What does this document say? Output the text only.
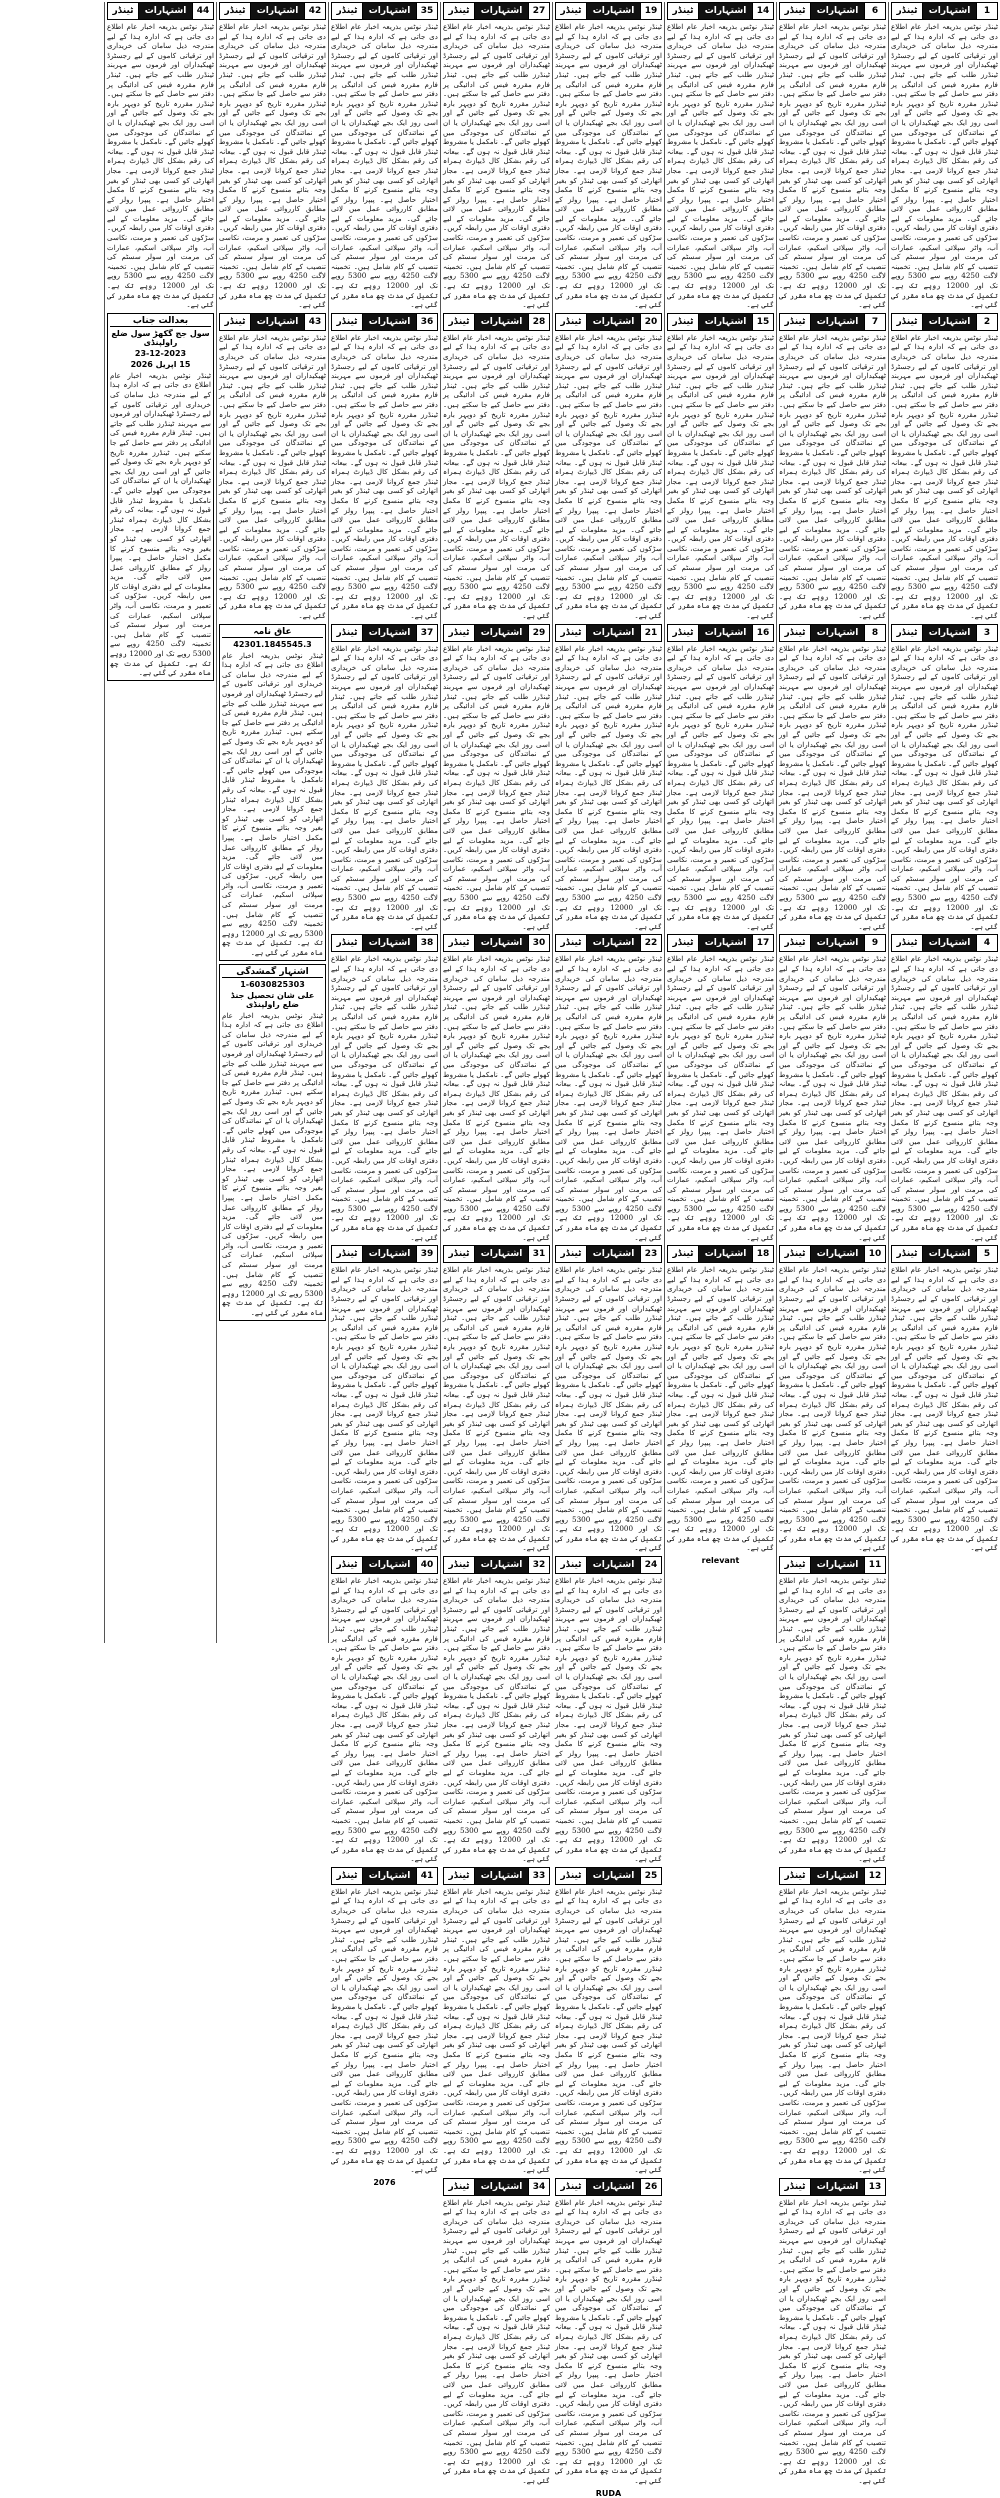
1
اشتہارات
ٹینڈر
ٹینڈر نوٹس بذریعہ اخبار عام اطلاع دی جاتی ہے کہ ادارہ ہذا کے لیے مندرجہ ذیل سامان کی خریداری اور ترقیاتی کاموں کے لیے رجسٹرڈ ٹھیکیداران اور فرموں سے مہربند ٹینڈرز طلب کیے جاتے ہیں۔ ٹینڈر فارم مقررہ فیس کی ادائیگی پر دفتر سے حاصل کیے جا سکتے ہیں۔ ٹینڈرز مقررہ تاریخ کو دوپہر بارہ بجے تک وصول کیے جائیں گے اور اسی روز ایک بجے ٹھیکیداران یا ان کے نمائندگان کی موجودگی میں کھولے جائیں گے۔ نامکمل یا مشروط ٹینڈر قابل قبول نہ ہوں گے۔ بیعانہ کی رقم بشکل کال ڈیپازٹ ہمراہ ٹینڈر جمع کروانا لازمی ہے۔ مجاز اتھارٹی کو کسی بھی ٹینڈر کو بغیر وجہ بتائے منسوخ کرنے کا مکمل اختیار حاصل ہے۔ پیپرا رولز کے مطابق کارروائی عمل میں لائی جائے گی۔ مزید معلومات کے لیے دفتری اوقات کار میں رابطہ کریں۔ سڑکوں کی تعمیر و مرمت، نکاسی آب، واٹر سپلائی اسکیم، عمارات کی مرمت اور سولر سسٹم کی تنصیب کے کام شامل ہیں۔ تخمینہ لاگت 4250 روپے سے 5300 روپے تک اور 12000 روپے تک ہے۔ تکمیل کی مدت چھ ماہ مقرر کی گئی ہے۔
2
اشتہارات
ٹینڈر
ٹینڈر نوٹس بذریعہ اخبار عام اطلاع دی جاتی ہے کہ ادارہ ہذا کے لیے مندرجہ ذیل سامان کی خریداری اور ترقیاتی کاموں کے لیے رجسٹرڈ ٹھیکیداران اور فرموں سے مہربند ٹینڈرز طلب کیے جاتے ہیں۔ ٹینڈر فارم مقررہ فیس کی ادائیگی پر دفتر سے حاصل کیے جا سکتے ہیں۔ ٹینڈرز مقررہ تاریخ کو دوپہر بارہ بجے تک وصول کیے جائیں گے اور اسی روز ایک بجے ٹھیکیداران یا ان کے نمائندگان کی موجودگی میں کھولے جائیں گے۔ نامکمل یا مشروط ٹینڈر قابل قبول نہ ہوں گے۔ بیعانہ کی رقم بشکل کال ڈیپازٹ ہمراہ ٹینڈر جمع کروانا لازمی ہے۔ مجاز اتھارٹی کو کسی بھی ٹینڈر کو بغیر وجہ بتائے منسوخ کرنے کا مکمل اختیار حاصل ہے۔ پیپرا رولز کے مطابق کارروائی عمل میں لائی جائے گی۔ مزید معلومات کے لیے دفتری اوقات کار میں رابطہ کریں۔ سڑکوں کی تعمیر و مرمت، نکاسی آب، واٹر سپلائی اسکیم، عمارات کی مرمت اور سولر سسٹم کی تنصیب کے کام شامل ہیں۔ تخمینہ لاگت 4250 روپے سے 5300 روپے تک اور 12000 روپے تک ہے۔ تکمیل کی مدت چھ ماہ مقرر کی گئی ہے۔
3
اشتہارات
ٹینڈر
ٹینڈر نوٹس بذریعہ اخبار عام اطلاع دی جاتی ہے کہ ادارہ ہذا کے لیے مندرجہ ذیل سامان کی خریداری اور ترقیاتی کاموں کے لیے رجسٹرڈ ٹھیکیداران اور فرموں سے مہربند ٹینڈرز طلب کیے جاتے ہیں۔ ٹینڈر فارم مقررہ فیس کی ادائیگی پر دفتر سے حاصل کیے جا سکتے ہیں۔ ٹینڈرز مقررہ تاریخ کو دوپہر بارہ بجے تک وصول کیے جائیں گے اور اسی روز ایک بجے ٹھیکیداران یا ان کے نمائندگان کی موجودگی میں کھولے جائیں گے۔ نامکمل یا مشروط ٹینڈر قابل قبول نہ ہوں گے۔ بیعانہ کی رقم بشکل کال ڈیپازٹ ہمراہ ٹینڈر جمع کروانا لازمی ہے۔ مجاز اتھارٹی کو کسی بھی ٹینڈر کو بغیر وجہ بتائے منسوخ کرنے کا مکمل اختیار حاصل ہے۔ پیپرا رولز کے مطابق کارروائی عمل میں لائی جائے گی۔ مزید معلومات کے لیے دفتری اوقات کار میں رابطہ کریں۔ سڑکوں کی تعمیر و مرمت، نکاسی آب، واٹر سپلائی اسکیم، عمارات کی مرمت اور سولر سسٹم کی تنصیب کے کام شامل ہیں۔ تخمینہ لاگت 4250 روپے سے 5300 روپے تک اور 12000 روپے تک ہے۔ تکمیل کی مدت چھ ماہ مقرر کی گئی ہے۔
4
اشتہارات
ٹینڈر
ٹینڈر نوٹس بذریعہ اخبار عام اطلاع دی جاتی ہے کہ ادارہ ہذا کے لیے مندرجہ ذیل سامان کی خریداری اور ترقیاتی کاموں کے لیے رجسٹرڈ ٹھیکیداران اور فرموں سے مہربند ٹینڈرز طلب کیے جاتے ہیں۔ ٹینڈر فارم مقررہ فیس کی ادائیگی پر دفتر سے حاصل کیے جا سکتے ہیں۔ ٹینڈرز مقررہ تاریخ کو دوپہر بارہ بجے تک وصول کیے جائیں گے اور اسی روز ایک بجے ٹھیکیداران یا ان کے نمائندگان کی موجودگی میں کھولے جائیں گے۔ نامکمل یا مشروط ٹینڈر قابل قبول نہ ہوں گے۔ بیعانہ کی رقم بشکل کال ڈیپازٹ ہمراہ ٹینڈر جمع کروانا لازمی ہے۔ مجاز اتھارٹی کو کسی بھی ٹینڈر کو بغیر وجہ بتائے منسوخ کرنے کا مکمل اختیار حاصل ہے۔ پیپرا رولز کے مطابق کارروائی عمل میں لائی جائے گی۔ مزید معلومات کے لیے دفتری اوقات کار میں رابطہ کریں۔ سڑکوں کی تعمیر و مرمت، نکاسی آب، واٹر سپلائی اسکیم، عمارات کی مرمت اور سولر سسٹم کی تنصیب کے کام شامل ہیں۔ تخمینہ لاگت 4250 روپے سے 5300 روپے تک اور 12000 روپے تک ہے۔ تکمیل کی مدت چھ ماہ مقرر کی گئی ہے۔
5
اشتہارات
ٹینڈر
ٹینڈر نوٹس بذریعہ اخبار عام اطلاع دی جاتی ہے کہ ادارہ ہذا کے لیے مندرجہ ذیل سامان کی خریداری اور ترقیاتی کاموں کے لیے رجسٹرڈ ٹھیکیداران اور فرموں سے مہربند ٹینڈرز طلب کیے جاتے ہیں۔ ٹینڈر فارم مقررہ فیس کی ادائیگی پر دفتر سے حاصل کیے جا سکتے ہیں۔ ٹینڈرز مقررہ تاریخ کو دوپہر بارہ بجے تک وصول کیے جائیں گے اور اسی روز ایک بجے ٹھیکیداران یا ان کے نمائندگان کی موجودگی میں کھولے جائیں گے۔ نامکمل یا مشروط ٹینڈر قابل قبول نہ ہوں گے۔ بیعانہ کی رقم بشکل کال ڈیپازٹ ہمراہ ٹینڈر جمع کروانا لازمی ہے۔ مجاز اتھارٹی کو کسی بھی ٹینڈر کو بغیر وجہ بتائے منسوخ کرنے کا مکمل اختیار حاصل ہے۔ پیپرا رولز کے مطابق کارروائی عمل میں لائی جائے گی۔ مزید معلومات کے لیے دفتری اوقات کار میں رابطہ کریں۔ سڑکوں کی تعمیر و مرمت، نکاسی آب، واٹر سپلائی اسکیم، عمارات کی مرمت اور سولر سسٹم کی تنصیب کے کام شامل ہیں۔ تخمینہ لاگت 4250 روپے سے 5300 روپے تک اور 12000 روپے تک ہے۔ تکمیل کی مدت چھ ماہ مقرر کی گئی ہے۔
6
اشتہارات
ٹینڈر
ٹینڈر نوٹس بذریعہ اخبار عام اطلاع دی جاتی ہے کہ ادارہ ہذا کے لیے مندرجہ ذیل سامان کی خریداری اور ترقیاتی کاموں کے لیے رجسٹرڈ ٹھیکیداران اور فرموں سے مہربند ٹینڈرز طلب کیے جاتے ہیں۔ ٹینڈر فارم مقررہ فیس کی ادائیگی پر دفتر سے حاصل کیے جا سکتے ہیں۔ ٹینڈرز مقررہ تاریخ کو دوپہر بارہ بجے تک وصول کیے جائیں گے اور اسی روز ایک بجے ٹھیکیداران یا ان کے نمائندگان کی موجودگی میں کھولے جائیں گے۔ نامکمل یا مشروط ٹینڈر قابل قبول نہ ہوں گے۔ بیعانہ کی رقم بشکل کال ڈیپازٹ ہمراہ ٹینڈر جمع کروانا لازمی ہے۔ مجاز اتھارٹی کو کسی بھی ٹینڈر کو بغیر وجہ بتائے منسوخ کرنے کا مکمل اختیار حاصل ہے۔ پیپرا رولز کے مطابق کارروائی عمل میں لائی جائے گی۔ مزید معلومات کے لیے دفتری اوقات کار میں رابطہ کریں۔ سڑکوں کی تعمیر و مرمت، نکاسی آب، واٹر سپلائی اسکیم، عمارات کی مرمت اور سولر سسٹم کی تنصیب کے کام شامل ہیں۔ تخمینہ لاگت 4250 روپے سے 5300 روپے تک اور 12000 روپے تک ہے۔ تکمیل کی مدت چھ ماہ مقرر کی گئی ہے۔
7
اشتہارات
ٹینڈر
ٹینڈر نوٹس بذریعہ اخبار عام اطلاع دی جاتی ہے کہ ادارہ ہذا کے لیے مندرجہ ذیل سامان کی خریداری اور ترقیاتی کاموں کے لیے رجسٹرڈ ٹھیکیداران اور فرموں سے مہربند ٹینڈرز طلب کیے جاتے ہیں۔ ٹینڈر فارم مقررہ فیس کی ادائیگی پر دفتر سے حاصل کیے جا سکتے ہیں۔ ٹینڈرز مقررہ تاریخ کو دوپہر بارہ بجے تک وصول کیے جائیں گے اور اسی روز ایک بجے ٹھیکیداران یا ان کے نمائندگان کی موجودگی میں کھولے جائیں گے۔ نامکمل یا مشروط ٹینڈر قابل قبول نہ ہوں گے۔ بیعانہ کی رقم بشکل کال ڈیپازٹ ہمراہ ٹینڈر جمع کروانا لازمی ہے۔ مجاز اتھارٹی کو کسی بھی ٹینڈر کو بغیر وجہ بتائے منسوخ کرنے کا مکمل اختیار حاصل ہے۔ پیپرا رولز کے مطابق کارروائی عمل میں لائی جائے گی۔ مزید معلومات کے لیے دفتری اوقات کار میں رابطہ کریں۔ سڑکوں کی تعمیر و مرمت، نکاسی آب، واٹر سپلائی اسکیم، عمارات کی مرمت اور سولر سسٹم کی تنصیب کے کام شامل ہیں۔ تخمینہ لاگت 4250 روپے سے 5300 روپے تک اور 12000 روپے تک ہے۔ تکمیل کی مدت چھ ماہ مقرر کی گئی ہے۔
8
اشتہارات
ٹینڈر
ٹینڈر نوٹس بذریعہ اخبار عام اطلاع دی جاتی ہے کہ ادارہ ہذا کے لیے مندرجہ ذیل سامان کی خریداری اور ترقیاتی کاموں کے لیے رجسٹرڈ ٹھیکیداران اور فرموں سے مہربند ٹینڈرز طلب کیے جاتے ہیں۔ ٹینڈر فارم مقررہ فیس کی ادائیگی پر دفتر سے حاصل کیے جا سکتے ہیں۔ ٹینڈرز مقررہ تاریخ کو دوپہر بارہ بجے تک وصول کیے جائیں گے اور اسی روز ایک بجے ٹھیکیداران یا ان کے نمائندگان کی موجودگی میں کھولے جائیں گے۔ نامکمل یا مشروط ٹینڈر قابل قبول نہ ہوں گے۔ بیعانہ کی رقم بشکل کال ڈیپازٹ ہمراہ ٹینڈر جمع کروانا لازمی ہے۔ مجاز اتھارٹی کو کسی بھی ٹینڈر کو بغیر وجہ بتائے منسوخ کرنے کا مکمل اختیار حاصل ہے۔ پیپرا رولز کے مطابق کارروائی عمل میں لائی جائے گی۔ مزید معلومات کے لیے دفتری اوقات کار میں رابطہ کریں۔ سڑکوں کی تعمیر و مرمت، نکاسی آب، واٹر سپلائی اسکیم، عمارات کی مرمت اور سولر سسٹم کی تنصیب کے کام شامل ہیں۔ تخمینہ لاگت 4250 روپے سے 5300 روپے تک اور 12000 روپے تک ہے۔ تکمیل کی مدت چھ ماہ مقرر کی گئی ہے۔
9
اشتہارات
ٹینڈر
ٹینڈر نوٹس بذریعہ اخبار عام اطلاع دی جاتی ہے کہ ادارہ ہذا کے لیے مندرجہ ذیل سامان کی خریداری اور ترقیاتی کاموں کے لیے رجسٹرڈ ٹھیکیداران اور فرموں سے مہربند ٹینڈرز طلب کیے جاتے ہیں۔ ٹینڈر فارم مقررہ فیس کی ادائیگی پر دفتر سے حاصل کیے جا سکتے ہیں۔ ٹینڈرز مقررہ تاریخ کو دوپہر بارہ بجے تک وصول کیے جائیں گے اور اسی روز ایک بجے ٹھیکیداران یا ان کے نمائندگان کی موجودگی میں کھولے جائیں گے۔ نامکمل یا مشروط ٹینڈر قابل قبول نہ ہوں گے۔ بیعانہ کی رقم بشکل کال ڈیپازٹ ہمراہ ٹینڈر جمع کروانا لازمی ہے۔ مجاز اتھارٹی کو کسی بھی ٹینڈر کو بغیر وجہ بتائے منسوخ کرنے کا مکمل اختیار حاصل ہے۔ پیپرا رولز کے مطابق کارروائی عمل میں لائی جائے گی۔ مزید معلومات کے لیے دفتری اوقات کار میں رابطہ کریں۔ سڑکوں کی تعمیر و مرمت، نکاسی آب، واٹر سپلائی اسکیم، عمارات کی مرمت اور سولر سسٹم کی تنصیب کے کام شامل ہیں۔ تخمینہ لاگت 4250 روپے سے 5300 روپے تک اور 12000 روپے تک ہے۔ تکمیل کی مدت چھ ماہ مقرر کی گئی ہے۔
10
اشتہارات
ٹینڈر
ٹینڈر نوٹس بذریعہ اخبار عام اطلاع دی جاتی ہے کہ ادارہ ہذا کے لیے مندرجہ ذیل سامان کی خریداری اور ترقیاتی کاموں کے لیے رجسٹرڈ ٹھیکیداران اور فرموں سے مہربند ٹینڈرز طلب کیے جاتے ہیں۔ ٹینڈر فارم مقررہ فیس کی ادائیگی پر دفتر سے حاصل کیے جا سکتے ہیں۔ ٹینڈرز مقررہ تاریخ کو دوپہر بارہ بجے تک وصول کیے جائیں گے اور اسی روز ایک بجے ٹھیکیداران یا ان کے نمائندگان کی موجودگی میں کھولے جائیں گے۔ نامکمل یا مشروط ٹینڈر قابل قبول نہ ہوں گے۔ بیعانہ کی رقم بشکل کال ڈیپازٹ ہمراہ ٹینڈر جمع کروانا لازمی ہے۔ مجاز اتھارٹی کو کسی بھی ٹینڈر کو بغیر وجہ بتائے منسوخ کرنے کا مکمل اختیار حاصل ہے۔ پیپرا رولز کے مطابق کارروائی عمل میں لائی جائے گی۔ مزید معلومات کے لیے دفتری اوقات کار میں رابطہ کریں۔ سڑکوں کی تعمیر و مرمت، نکاسی آب، واٹر سپلائی اسکیم، عمارات کی مرمت اور سولر سسٹم کی تنصیب کے کام شامل ہیں۔ تخمینہ لاگت 4250 روپے سے 5300 روپے تک اور 12000 روپے تک ہے۔ تکمیل کی مدت چھ ماہ مقرر کی گئی ہے۔
11
اشتہارات
ٹینڈر
ٹینڈر نوٹس بذریعہ اخبار عام اطلاع دی جاتی ہے کہ ادارہ ہذا کے لیے مندرجہ ذیل سامان کی خریداری اور ترقیاتی کاموں کے لیے رجسٹرڈ ٹھیکیداران اور فرموں سے مہربند ٹینڈرز طلب کیے جاتے ہیں۔ ٹینڈر فارم مقررہ فیس کی ادائیگی پر دفتر سے حاصل کیے جا سکتے ہیں۔ ٹینڈرز مقررہ تاریخ کو دوپہر بارہ بجے تک وصول کیے جائیں گے اور اسی روز ایک بجے ٹھیکیداران یا ان کے نمائندگان کی موجودگی میں کھولے جائیں گے۔ نامکمل یا مشروط ٹینڈر قابل قبول نہ ہوں گے۔ بیعانہ کی رقم بشکل کال ڈیپازٹ ہمراہ ٹینڈر جمع کروانا لازمی ہے۔ مجاز اتھارٹی کو کسی بھی ٹینڈر کو بغیر وجہ بتائے منسوخ کرنے کا مکمل اختیار حاصل ہے۔ پیپرا رولز کے مطابق کارروائی عمل میں لائی جائے گی۔ مزید معلومات کے لیے دفتری اوقات کار میں رابطہ کریں۔ سڑکوں کی تعمیر و مرمت، نکاسی آب، واٹر سپلائی اسکیم، عمارات کی مرمت اور سولر سسٹم کی تنصیب کے کام شامل ہیں۔ تخمینہ لاگت 4250 روپے سے 5300 روپے تک اور 12000 روپے تک ہے۔ تکمیل کی مدت چھ ماہ مقرر کی گئی ہے۔
12
اشتہارات
ٹینڈر
ٹینڈر نوٹس بذریعہ اخبار عام اطلاع دی جاتی ہے کہ ادارہ ہذا کے لیے مندرجہ ذیل سامان کی خریداری اور ترقیاتی کاموں کے لیے رجسٹرڈ ٹھیکیداران اور فرموں سے مہربند ٹینڈرز طلب کیے جاتے ہیں۔ ٹینڈر فارم مقررہ فیس کی ادائیگی پر دفتر سے حاصل کیے جا سکتے ہیں۔ ٹینڈرز مقررہ تاریخ کو دوپہر بارہ بجے تک وصول کیے جائیں گے اور اسی روز ایک بجے ٹھیکیداران یا ان کے نمائندگان کی موجودگی میں کھولے جائیں گے۔ نامکمل یا مشروط ٹینڈر قابل قبول نہ ہوں گے۔ بیعانہ کی رقم بشکل کال ڈیپازٹ ہمراہ ٹینڈر جمع کروانا لازمی ہے۔ مجاز اتھارٹی کو کسی بھی ٹینڈر کو بغیر وجہ بتائے منسوخ کرنے کا مکمل اختیار حاصل ہے۔ پیپرا رولز کے مطابق کارروائی عمل میں لائی جائے گی۔ مزید معلومات کے لیے دفتری اوقات کار میں رابطہ کریں۔ سڑکوں کی تعمیر و مرمت، نکاسی آب، واٹر سپلائی اسکیم، عمارات کی مرمت اور سولر سسٹم کی تنصیب کے کام شامل ہیں۔ تخمینہ لاگت 4250 روپے سے 5300 روپے تک اور 12000 روپے تک ہے۔ تکمیل کی مدت چھ ماہ مقرر کی گئی ہے۔
13
اشتہارات
ٹینڈر
ٹینڈر نوٹس بذریعہ اخبار عام اطلاع دی جاتی ہے کہ ادارہ ہذا کے لیے مندرجہ ذیل سامان کی خریداری اور ترقیاتی کاموں کے لیے رجسٹرڈ ٹھیکیداران اور فرموں سے مہربند ٹینڈرز طلب کیے جاتے ہیں۔ ٹینڈر فارم مقررہ فیس کی ادائیگی پر دفتر سے حاصل کیے جا سکتے ہیں۔ ٹینڈرز مقررہ تاریخ کو دوپہر بارہ بجے تک وصول کیے جائیں گے اور اسی روز ایک بجے ٹھیکیداران یا ان کے نمائندگان کی موجودگی میں کھولے جائیں گے۔ نامکمل یا مشروط ٹینڈر قابل قبول نہ ہوں گے۔ بیعانہ کی رقم بشکل کال ڈیپازٹ ہمراہ ٹینڈر جمع کروانا لازمی ہے۔ مجاز اتھارٹی کو کسی بھی ٹینڈر کو بغیر وجہ بتائے منسوخ کرنے کا مکمل اختیار حاصل ہے۔ پیپرا رولز کے مطابق کارروائی عمل میں لائی جائے گی۔ مزید معلومات کے لیے دفتری اوقات کار میں رابطہ کریں۔ سڑکوں کی تعمیر و مرمت، نکاسی آب، واٹر سپلائی اسکیم، عمارات کی مرمت اور سولر سسٹم کی تنصیب کے کام شامل ہیں۔ تخمینہ لاگت 4250 روپے سے 5300 روپے تک اور 12000 روپے تک ہے۔ تکمیل کی مدت چھ ماہ مقرر کی گئی ہے۔
14
اشتہارات
ٹینڈر
ٹینڈر نوٹس بذریعہ اخبار عام اطلاع دی جاتی ہے کہ ادارہ ہذا کے لیے مندرجہ ذیل سامان کی خریداری اور ترقیاتی کاموں کے لیے رجسٹرڈ ٹھیکیداران اور فرموں سے مہربند ٹینڈرز طلب کیے جاتے ہیں۔ ٹینڈر فارم مقررہ فیس کی ادائیگی پر دفتر سے حاصل کیے جا سکتے ہیں۔ ٹینڈرز مقررہ تاریخ کو دوپہر بارہ بجے تک وصول کیے جائیں گے اور اسی روز ایک بجے ٹھیکیداران یا ان کے نمائندگان کی موجودگی میں کھولے جائیں گے۔ نامکمل یا مشروط ٹینڈر قابل قبول نہ ہوں گے۔ بیعانہ کی رقم بشکل کال ڈیپازٹ ہمراہ ٹینڈر جمع کروانا لازمی ہے۔ مجاز اتھارٹی کو کسی بھی ٹینڈر کو بغیر وجہ بتائے منسوخ کرنے کا مکمل اختیار حاصل ہے۔ پیپرا رولز کے مطابق کارروائی عمل میں لائی جائے گی۔ مزید معلومات کے لیے دفتری اوقات کار میں رابطہ کریں۔ سڑکوں کی تعمیر و مرمت، نکاسی آب، واٹر سپلائی اسکیم، عمارات کی مرمت اور سولر سسٹم کی تنصیب کے کام شامل ہیں۔ تخمینہ لاگت 4250 روپے سے 5300 روپے تک اور 12000 روپے تک ہے۔ تکمیل کی مدت چھ ماہ مقرر کی گئی ہے۔
15
اشتہارات
ٹینڈر
ٹینڈر نوٹس بذریعہ اخبار عام اطلاع دی جاتی ہے کہ ادارہ ہذا کے لیے مندرجہ ذیل سامان کی خریداری اور ترقیاتی کاموں کے لیے رجسٹرڈ ٹھیکیداران اور فرموں سے مہربند ٹینڈرز طلب کیے جاتے ہیں۔ ٹینڈر فارم مقررہ فیس کی ادائیگی پر دفتر سے حاصل کیے جا سکتے ہیں۔ ٹینڈرز مقررہ تاریخ کو دوپہر بارہ بجے تک وصول کیے جائیں گے اور اسی روز ایک بجے ٹھیکیداران یا ان کے نمائندگان کی موجودگی میں کھولے جائیں گے۔ نامکمل یا مشروط ٹینڈر قابل قبول نہ ہوں گے۔ بیعانہ کی رقم بشکل کال ڈیپازٹ ہمراہ ٹینڈر جمع کروانا لازمی ہے۔ مجاز اتھارٹی کو کسی بھی ٹینڈر کو بغیر وجہ بتائے منسوخ کرنے کا مکمل اختیار حاصل ہے۔ پیپرا رولز کے مطابق کارروائی عمل میں لائی جائے گی۔ مزید معلومات کے لیے دفتری اوقات کار میں رابطہ کریں۔ سڑکوں کی تعمیر و مرمت، نکاسی آب، واٹر سپلائی اسکیم، عمارات کی مرمت اور سولر سسٹم کی تنصیب کے کام شامل ہیں۔ تخمینہ لاگت 4250 روپے سے 5300 روپے تک اور 12000 روپے تک ہے۔ تکمیل کی مدت چھ ماہ مقرر کی گئی ہے۔
16
اشتہارات
ٹینڈر
ٹینڈر نوٹس بذریعہ اخبار عام اطلاع دی جاتی ہے کہ ادارہ ہذا کے لیے مندرجہ ذیل سامان کی خریداری اور ترقیاتی کاموں کے لیے رجسٹرڈ ٹھیکیداران اور فرموں سے مہربند ٹینڈرز طلب کیے جاتے ہیں۔ ٹینڈر فارم مقررہ فیس کی ادائیگی پر دفتر سے حاصل کیے جا سکتے ہیں۔ ٹینڈرز مقررہ تاریخ کو دوپہر بارہ بجے تک وصول کیے جائیں گے اور اسی روز ایک بجے ٹھیکیداران یا ان کے نمائندگان کی موجودگی میں کھولے جائیں گے۔ نامکمل یا مشروط ٹینڈر قابل قبول نہ ہوں گے۔ بیعانہ کی رقم بشکل کال ڈیپازٹ ہمراہ ٹینڈر جمع کروانا لازمی ہے۔ مجاز اتھارٹی کو کسی بھی ٹینڈر کو بغیر وجہ بتائے منسوخ کرنے کا مکمل اختیار حاصل ہے۔ پیپرا رولز کے مطابق کارروائی عمل میں لائی جائے گی۔ مزید معلومات کے لیے دفتری اوقات کار میں رابطہ کریں۔ سڑکوں کی تعمیر و مرمت، نکاسی آب، واٹر سپلائی اسکیم، عمارات کی مرمت اور سولر سسٹم کی تنصیب کے کام شامل ہیں۔ تخمینہ لاگت 4250 روپے سے 5300 روپے تک اور 12000 روپے تک ہے۔ تکمیل کی مدت چھ ماہ مقرر کی گئی ہے۔
17
اشتہارات
ٹینڈر
ٹینڈر نوٹس بذریعہ اخبار عام اطلاع دی جاتی ہے کہ ادارہ ہذا کے لیے مندرجہ ذیل سامان کی خریداری اور ترقیاتی کاموں کے لیے رجسٹرڈ ٹھیکیداران اور فرموں سے مہربند ٹینڈرز طلب کیے جاتے ہیں۔ ٹینڈر فارم مقررہ فیس کی ادائیگی پر دفتر سے حاصل کیے جا سکتے ہیں۔ ٹینڈرز مقررہ تاریخ کو دوپہر بارہ بجے تک وصول کیے جائیں گے اور اسی روز ایک بجے ٹھیکیداران یا ان کے نمائندگان کی موجودگی میں کھولے جائیں گے۔ نامکمل یا مشروط ٹینڈر قابل قبول نہ ہوں گے۔ بیعانہ کی رقم بشکل کال ڈیپازٹ ہمراہ ٹینڈر جمع کروانا لازمی ہے۔ مجاز اتھارٹی کو کسی بھی ٹینڈر کو بغیر وجہ بتائے منسوخ کرنے کا مکمل اختیار حاصل ہے۔ پیپرا رولز کے مطابق کارروائی عمل میں لائی جائے گی۔ مزید معلومات کے لیے دفتری اوقات کار میں رابطہ کریں۔ سڑکوں کی تعمیر و مرمت، نکاسی آب، واٹر سپلائی اسکیم، عمارات کی مرمت اور سولر سسٹم کی تنصیب کے کام شامل ہیں۔ تخمینہ لاگت 4250 روپے سے 5300 روپے تک اور 12000 روپے تک ہے۔ تکمیل کی مدت چھ ماہ مقرر کی گئی ہے۔
18
اشتہارات
ٹینڈر
ٹینڈر نوٹس بذریعہ اخبار عام اطلاع دی جاتی ہے کہ ادارہ ہذا کے لیے مندرجہ ذیل سامان کی خریداری اور ترقیاتی کاموں کے لیے رجسٹرڈ ٹھیکیداران اور فرموں سے مہربند ٹینڈرز طلب کیے جاتے ہیں۔ ٹینڈر فارم مقررہ فیس کی ادائیگی پر دفتر سے حاصل کیے جا سکتے ہیں۔ ٹینڈرز مقررہ تاریخ کو دوپہر بارہ بجے تک وصول کیے جائیں گے اور اسی روز ایک بجے ٹھیکیداران یا ان کے نمائندگان کی موجودگی میں کھولے جائیں گے۔ نامکمل یا مشروط ٹینڈر قابل قبول نہ ہوں گے۔ بیعانہ کی رقم بشکل کال ڈیپازٹ ہمراہ ٹینڈر جمع کروانا لازمی ہے۔ مجاز اتھارٹی کو کسی بھی ٹینڈر کو بغیر وجہ بتائے منسوخ کرنے کا مکمل اختیار حاصل ہے۔ پیپرا رولز کے مطابق کارروائی عمل میں لائی جائے گی۔ مزید معلومات کے لیے دفتری اوقات کار میں رابطہ کریں۔ سڑکوں کی تعمیر و مرمت، نکاسی آب، واٹر سپلائی اسکیم، عمارات کی مرمت اور سولر سسٹم کی تنصیب کے کام شامل ہیں۔ تخمینہ لاگت 4250 روپے سے 5300 روپے تک اور 12000 روپے تک ہے۔ تکمیل کی مدت چھ ماہ مقرر کی گئی ہے۔
relevant
19
اشتہارات
ٹینڈر
ٹینڈر نوٹس بذریعہ اخبار عام اطلاع دی جاتی ہے کہ ادارہ ہذا کے لیے مندرجہ ذیل سامان کی خریداری اور ترقیاتی کاموں کے لیے رجسٹرڈ ٹھیکیداران اور فرموں سے مہربند ٹینڈرز طلب کیے جاتے ہیں۔ ٹینڈر فارم مقررہ فیس کی ادائیگی پر دفتر سے حاصل کیے جا سکتے ہیں۔ ٹینڈرز مقررہ تاریخ کو دوپہر بارہ بجے تک وصول کیے جائیں گے اور اسی روز ایک بجے ٹھیکیداران یا ان کے نمائندگان کی موجودگی میں کھولے جائیں گے۔ نامکمل یا مشروط ٹینڈر قابل قبول نہ ہوں گے۔ بیعانہ کی رقم بشکل کال ڈیپازٹ ہمراہ ٹینڈر جمع کروانا لازمی ہے۔ مجاز اتھارٹی کو کسی بھی ٹینڈر کو بغیر وجہ بتائے منسوخ کرنے کا مکمل اختیار حاصل ہے۔ پیپرا رولز کے مطابق کارروائی عمل میں لائی جائے گی۔ مزید معلومات کے لیے دفتری اوقات کار میں رابطہ کریں۔ سڑکوں کی تعمیر و مرمت، نکاسی آب، واٹر سپلائی اسکیم، عمارات کی مرمت اور سولر سسٹم کی تنصیب کے کام شامل ہیں۔ تخمینہ لاگت 4250 روپے سے 5300 روپے تک اور 12000 روپے تک ہے۔ تکمیل کی مدت چھ ماہ مقرر کی گئی ہے۔
20
اشتہارات
ٹینڈر
ٹینڈر نوٹس بذریعہ اخبار عام اطلاع دی جاتی ہے کہ ادارہ ہذا کے لیے مندرجہ ذیل سامان کی خریداری اور ترقیاتی کاموں کے لیے رجسٹرڈ ٹھیکیداران اور فرموں سے مہربند ٹینڈرز طلب کیے جاتے ہیں۔ ٹینڈر فارم مقررہ فیس کی ادائیگی پر دفتر سے حاصل کیے جا سکتے ہیں۔ ٹینڈرز مقررہ تاریخ کو دوپہر بارہ بجے تک وصول کیے جائیں گے اور اسی روز ایک بجے ٹھیکیداران یا ان کے نمائندگان کی موجودگی میں کھولے جائیں گے۔ نامکمل یا مشروط ٹینڈر قابل قبول نہ ہوں گے۔ بیعانہ کی رقم بشکل کال ڈیپازٹ ہمراہ ٹینڈر جمع کروانا لازمی ہے۔ مجاز اتھارٹی کو کسی بھی ٹینڈر کو بغیر وجہ بتائے منسوخ کرنے کا مکمل اختیار حاصل ہے۔ پیپرا رولز کے مطابق کارروائی عمل میں لائی جائے گی۔ مزید معلومات کے لیے دفتری اوقات کار میں رابطہ کریں۔ سڑکوں کی تعمیر و مرمت، نکاسی آب، واٹر سپلائی اسکیم، عمارات کی مرمت اور سولر سسٹم کی تنصیب کے کام شامل ہیں۔ تخمینہ لاگت 4250 روپے سے 5300 روپے تک اور 12000 روپے تک ہے۔ تکمیل کی مدت چھ ماہ مقرر کی گئی ہے۔
21
اشتہارات
ٹینڈر
ٹینڈر نوٹس بذریعہ اخبار عام اطلاع دی جاتی ہے کہ ادارہ ہذا کے لیے مندرجہ ذیل سامان کی خریداری اور ترقیاتی کاموں کے لیے رجسٹرڈ ٹھیکیداران اور فرموں سے مہربند ٹینڈرز طلب کیے جاتے ہیں۔ ٹینڈر فارم مقررہ فیس کی ادائیگی پر دفتر سے حاصل کیے جا سکتے ہیں۔ ٹینڈرز مقررہ تاریخ کو دوپہر بارہ بجے تک وصول کیے جائیں گے اور اسی روز ایک بجے ٹھیکیداران یا ان کے نمائندگان کی موجودگی میں کھولے جائیں گے۔ نامکمل یا مشروط ٹینڈر قابل قبول نہ ہوں گے۔ بیعانہ کی رقم بشکل کال ڈیپازٹ ہمراہ ٹینڈر جمع کروانا لازمی ہے۔ مجاز اتھارٹی کو کسی بھی ٹینڈر کو بغیر وجہ بتائے منسوخ کرنے کا مکمل اختیار حاصل ہے۔ پیپرا رولز کے مطابق کارروائی عمل میں لائی جائے گی۔ مزید معلومات کے لیے دفتری اوقات کار میں رابطہ کریں۔ سڑکوں کی تعمیر و مرمت، نکاسی آب، واٹر سپلائی اسکیم، عمارات کی مرمت اور سولر سسٹم کی تنصیب کے کام شامل ہیں۔ تخمینہ لاگت 4250 روپے سے 5300 روپے تک اور 12000 روپے تک ہے۔ تکمیل کی مدت چھ ماہ مقرر کی گئی ہے۔
22
اشتہارات
ٹینڈر
ٹینڈر نوٹس بذریعہ اخبار عام اطلاع دی جاتی ہے کہ ادارہ ہذا کے لیے مندرجہ ذیل سامان کی خریداری اور ترقیاتی کاموں کے لیے رجسٹرڈ ٹھیکیداران اور فرموں سے مہربند ٹینڈرز طلب کیے جاتے ہیں۔ ٹینڈر فارم مقررہ فیس کی ادائیگی پر دفتر سے حاصل کیے جا سکتے ہیں۔ ٹینڈرز مقررہ تاریخ کو دوپہر بارہ بجے تک وصول کیے جائیں گے اور اسی روز ایک بجے ٹھیکیداران یا ان کے نمائندگان کی موجودگی میں کھولے جائیں گے۔ نامکمل یا مشروط ٹینڈر قابل قبول نہ ہوں گے۔ بیعانہ کی رقم بشکل کال ڈیپازٹ ہمراہ ٹینڈر جمع کروانا لازمی ہے۔ مجاز اتھارٹی کو کسی بھی ٹینڈر کو بغیر وجہ بتائے منسوخ کرنے کا مکمل اختیار حاصل ہے۔ پیپرا رولز کے مطابق کارروائی عمل میں لائی جائے گی۔ مزید معلومات کے لیے دفتری اوقات کار میں رابطہ کریں۔ سڑکوں کی تعمیر و مرمت، نکاسی آب، واٹر سپلائی اسکیم، عمارات کی مرمت اور سولر سسٹم کی تنصیب کے کام شامل ہیں۔ تخمینہ لاگت 4250 روپے سے 5300 روپے تک اور 12000 روپے تک ہے۔ تکمیل کی مدت چھ ماہ مقرر کی گئی ہے۔
23
اشتہارات
ٹینڈر
ٹینڈر نوٹس بذریعہ اخبار عام اطلاع دی جاتی ہے کہ ادارہ ہذا کے لیے مندرجہ ذیل سامان کی خریداری اور ترقیاتی کاموں کے لیے رجسٹرڈ ٹھیکیداران اور فرموں سے مہربند ٹینڈرز طلب کیے جاتے ہیں۔ ٹینڈر فارم مقررہ فیس کی ادائیگی پر دفتر سے حاصل کیے جا سکتے ہیں۔ ٹینڈرز مقررہ تاریخ کو دوپہر بارہ بجے تک وصول کیے جائیں گے اور اسی روز ایک بجے ٹھیکیداران یا ان کے نمائندگان کی موجودگی میں کھولے جائیں گے۔ نامکمل یا مشروط ٹینڈر قابل قبول نہ ہوں گے۔ بیعانہ کی رقم بشکل کال ڈیپازٹ ہمراہ ٹینڈر جمع کروانا لازمی ہے۔ مجاز اتھارٹی کو کسی بھی ٹینڈر کو بغیر وجہ بتائے منسوخ کرنے کا مکمل اختیار حاصل ہے۔ پیپرا رولز کے مطابق کارروائی عمل میں لائی جائے گی۔ مزید معلومات کے لیے دفتری اوقات کار میں رابطہ کریں۔ سڑکوں کی تعمیر و مرمت، نکاسی آب، واٹر سپلائی اسکیم، عمارات کی مرمت اور سولر سسٹم کی تنصیب کے کام شامل ہیں۔ تخمینہ لاگت 4250 روپے سے 5300 روپے تک اور 12000 روپے تک ہے۔ تکمیل کی مدت چھ ماہ مقرر کی گئی ہے۔
24
اشتہارات
ٹینڈر
ٹینڈر نوٹس بذریعہ اخبار عام اطلاع دی جاتی ہے کہ ادارہ ہذا کے لیے مندرجہ ذیل سامان کی خریداری اور ترقیاتی کاموں کے لیے رجسٹرڈ ٹھیکیداران اور فرموں سے مہربند ٹینڈرز طلب کیے جاتے ہیں۔ ٹینڈر فارم مقررہ فیس کی ادائیگی پر دفتر سے حاصل کیے جا سکتے ہیں۔ ٹینڈرز مقررہ تاریخ کو دوپہر بارہ بجے تک وصول کیے جائیں گے اور اسی روز ایک بجے ٹھیکیداران یا ان کے نمائندگان کی موجودگی میں کھولے جائیں گے۔ نامکمل یا مشروط ٹینڈر قابل قبول نہ ہوں گے۔ بیعانہ کی رقم بشکل کال ڈیپازٹ ہمراہ ٹینڈر جمع کروانا لازمی ہے۔ مجاز اتھارٹی کو کسی بھی ٹینڈر کو بغیر وجہ بتائے منسوخ کرنے کا مکمل اختیار حاصل ہے۔ پیپرا رولز کے مطابق کارروائی عمل میں لائی جائے گی۔ مزید معلومات کے لیے دفتری اوقات کار میں رابطہ کریں۔ سڑکوں کی تعمیر و مرمت، نکاسی آب، واٹر سپلائی اسکیم، عمارات کی مرمت اور سولر سسٹم کی تنصیب کے کام شامل ہیں۔ تخمینہ لاگت 4250 روپے سے 5300 روپے تک اور 12000 روپے تک ہے۔ تکمیل کی مدت چھ ماہ مقرر کی گئی ہے۔
25
اشتہارات
ٹینڈر
ٹینڈر نوٹس بذریعہ اخبار عام اطلاع دی جاتی ہے کہ ادارہ ہذا کے لیے مندرجہ ذیل سامان کی خریداری اور ترقیاتی کاموں کے لیے رجسٹرڈ ٹھیکیداران اور فرموں سے مہربند ٹینڈرز طلب کیے جاتے ہیں۔ ٹینڈر فارم مقررہ فیس کی ادائیگی پر دفتر سے حاصل کیے جا سکتے ہیں۔ ٹینڈرز مقررہ تاریخ کو دوپہر بارہ بجے تک وصول کیے جائیں گے اور اسی روز ایک بجے ٹھیکیداران یا ان کے نمائندگان کی موجودگی میں کھولے جائیں گے۔ نامکمل یا مشروط ٹینڈر قابل قبول نہ ہوں گے۔ بیعانہ کی رقم بشکل کال ڈیپازٹ ہمراہ ٹینڈر جمع کروانا لازمی ہے۔ مجاز اتھارٹی کو کسی بھی ٹینڈر کو بغیر وجہ بتائے منسوخ کرنے کا مکمل اختیار حاصل ہے۔ پیپرا رولز کے مطابق کارروائی عمل میں لائی جائے گی۔ مزید معلومات کے لیے دفتری اوقات کار میں رابطہ کریں۔ سڑکوں کی تعمیر و مرمت، نکاسی آب، واٹر سپلائی اسکیم، عمارات کی مرمت اور سولر سسٹم کی تنصیب کے کام شامل ہیں۔ تخمینہ لاگت 4250 روپے سے 5300 روپے تک اور 12000 روپے تک ہے۔ تکمیل کی مدت چھ ماہ مقرر کی گئی ہے۔
26
اشتہارات
ٹینڈر
ٹینڈر نوٹس بذریعہ اخبار عام اطلاع دی جاتی ہے کہ ادارہ ہذا کے لیے مندرجہ ذیل سامان کی خریداری اور ترقیاتی کاموں کے لیے رجسٹرڈ ٹھیکیداران اور فرموں سے مہربند ٹینڈرز طلب کیے جاتے ہیں۔ ٹینڈر فارم مقررہ فیس کی ادائیگی پر دفتر سے حاصل کیے جا سکتے ہیں۔ ٹینڈرز مقررہ تاریخ کو دوپہر بارہ بجے تک وصول کیے جائیں گے اور اسی روز ایک بجے ٹھیکیداران یا ان کے نمائندگان کی موجودگی میں کھولے جائیں گے۔ نامکمل یا مشروط ٹینڈر قابل قبول نہ ہوں گے۔ بیعانہ کی رقم بشکل کال ڈیپازٹ ہمراہ ٹینڈر جمع کروانا لازمی ہے۔ مجاز اتھارٹی کو کسی بھی ٹینڈر کو بغیر وجہ بتائے منسوخ کرنے کا مکمل اختیار حاصل ہے۔ پیپرا رولز کے مطابق کارروائی عمل میں لائی جائے گی۔ مزید معلومات کے لیے دفتری اوقات کار میں رابطہ کریں۔ سڑکوں کی تعمیر و مرمت، نکاسی آب، واٹر سپلائی اسکیم، عمارات کی مرمت اور سولر سسٹم کی تنصیب کے کام شامل ہیں۔ تخمینہ لاگت 4250 روپے سے 5300 روپے تک اور 12000 روپے تک ہے۔ تکمیل کی مدت چھ ماہ مقرر کی گئی ہے۔
RUDA
27
اشتہارات
ٹینڈر
ٹینڈر نوٹس بذریعہ اخبار عام اطلاع دی جاتی ہے کہ ادارہ ہذا کے لیے مندرجہ ذیل سامان کی خریداری اور ترقیاتی کاموں کے لیے رجسٹرڈ ٹھیکیداران اور فرموں سے مہربند ٹینڈرز طلب کیے جاتے ہیں۔ ٹینڈر فارم مقررہ فیس کی ادائیگی پر دفتر سے حاصل کیے جا سکتے ہیں۔ ٹینڈرز مقررہ تاریخ کو دوپہر بارہ بجے تک وصول کیے جائیں گے اور اسی روز ایک بجے ٹھیکیداران یا ان کے نمائندگان کی موجودگی میں کھولے جائیں گے۔ نامکمل یا مشروط ٹینڈر قابل قبول نہ ہوں گے۔ بیعانہ کی رقم بشکل کال ڈیپازٹ ہمراہ ٹینڈر جمع کروانا لازمی ہے۔ مجاز اتھارٹی کو کسی بھی ٹینڈر کو بغیر وجہ بتائے منسوخ کرنے کا مکمل اختیار حاصل ہے۔ پیپرا رولز کے مطابق کارروائی عمل میں لائی جائے گی۔ مزید معلومات کے لیے دفتری اوقات کار میں رابطہ کریں۔ سڑکوں کی تعمیر و مرمت، نکاسی آب، واٹر سپلائی اسکیم، عمارات کی مرمت اور سولر سسٹم کی تنصیب کے کام شامل ہیں۔ تخمینہ لاگت 4250 روپے سے 5300 روپے تک اور 12000 روپے تک ہے۔ تکمیل کی مدت چھ ماہ مقرر کی گئی ہے۔
28
اشتہارات
ٹینڈر
ٹینڈر نوٹس بذریعہ اخبار عام اطلاع دی جاتی ہے کہ ادارہ ہذا کے لیے مندرجہ ذیل سامان کی خریداری اور ترقیاتی کاموں کے لیے رجسٹرڈ ٹھیکیداران اور فرموں سے مہربند ٹینڈرز طلب کیے جاتے ہیں۔ ٹینڈر فارم مقررہ فیس کی ادائیگی پر دفتر سے حاصل کیے جا سکتے ہیں۔ ٹینڈرز مقررہ تاریخ کو دوپہر بارہ بجے تک وصول کیے جائیں گے اور اسی روز ایک بجے ٹھیکیداران یا ان کے نمائندگان کی موجودگی میں کھولے جائیں گے۔ نامکمل یا مشروط ٹینڈر قابل قبول نہ ہوں گے۔ بیعانہ کی رقم بشکل کال ڈیپازٹ ہمراہ ٹینڈر جمع کروانا لازمی ہے۔ مجاز اتھارٹی کو کسی بھی ٹینڈر کو بغیر وجہ بتائے منسوخ کرنے کا مکمل اختیار حاصل ہے۔ پیپرا رولز کے مطابق کارروائی عمل میں لائی جائے گی۔ مزید معلومات کے لیے دفتری اوقات کار میں رابطہ کریں۔ سڑکوں کی تعمیر و مرمت، نکاسی آب، واٹر سپلائی اسکیم، عمارات کی مرمت اور سولر سسٹم کی تنصیب کے کام شامل ہیں۔ تخمینہ لاگت 4250 روپے سے 5300 روپے تک اور 12000 روپے تک ہے۔ تکمیل کی مدت چھ ماہ مقرر کی گئی ہے۔
29
اشتہارات
ٹینڈر
ٹینڈر نوٹس بذریعہ اخبار عام اطلاع دی جاتی ہے کہ ادارہ ہذا کے لیے مندرجہ ذیل سامان کی خریداری اور ترقیاتی کاموں کے لیے رجسٹرڈ ٹھیکیداران اور فرموں سے مہربند ٹینڈرز طلب کیے جاتے ہیں۔ ٹینڈر فارم مقررہ فیس کی ادائیگی پر دفتر سے حاصل کیے جا سکتے ہیں۔ ٹینڈرز مقررہ تاریخ کو دوپہر بارہ بجے تک وصول کیے جائیں گے اور اسی روز ایک بجے ٹھیکیداران یا ان کے نمائندگان کی موجودگی میں کھولے جائیں گے۔ نامکمل یا مشروط ٹینڈر قابل قبول نہ ہوں گے۔ بیعانہ کی رقم بشکل کال ڈیپازٹ ہمراہ ٹینڈر جمع کروانا لازمی ہے۔ مجاز اتھارٹی کو کسی بھی ٹینڈر کو بغیر وجہ بتائے منسوخ کرنے کا مکمل اختیار حاصل ہے۔ پیپرا رولز کے مطابق کارروائی عمل میں لائی جائے گی۔ مزید معلومات کے لیے دفتری اوقات کار میں رابطہ کریں۔ سڑکوں کی تعمیر و مرمت، نکاسی آب، واٹر سپلائی اسکیم، عمارات کی مرمت اور سولر سسٹم کی تنصیب کے کام شامل ہیں۔ تخمینہ لاگت 4250 روپے سے 5300 روپے تک اور 12000 روپے تک ہے۔ تکمیل کی مدت چھ ماہ مقرر کی گئی ہے۔
30
اشتہارات
ٹینڈر
ٹینڈر نوٹس بذریعہ اخبار عام اطلاع دی جاتی ہے کہ ادارہ ہذا کے لیے مندرجہ ذیل سامان کی خریداری اور ترقیاتی کاموں کے لیے رجسٹرڈ ٹھیکیداران اور فرموں سے مہربند ٹینڈرز طلب کیے جاتے ہیں۔ ٹینڈر فارم مقررہ فیس کی ادائیگی پر دفتر سے حاصل کیے جا سکتے ہیں۔ ٹینڈرز مقررہ تاریخ کو دوپہر بارہ بجے تک وصول کیے جائیں گے اور اسی روز ایک بجے ٹھیکیداران یا ان کے نمائندگان کی موجودگی میں کھولے جائیں گے۔ نامکمل یا مشروط ٹینڈر قابل قبول نہ ہوں گے۔ بیعانہ کی رقم بشکل کال ڈیپازٹ ہمراہ ٹینڈر جمع کروانا لازمی ہے۔ مجاز اتھارٹی کو کسی بھی ٹینڈر کو بغیر وجہ بتائے منسوخ کرنے کا مکمل اختیار حاصل ہے۔ پیپرا رولز کے مطابق کارروائی عمل میں لائی جائے گی۔ مزید معلومات کے لیے دفتری اوقات کار میں رابطہ کریں۔ سڑکوں کی تعمیر و مرمت، نکاسی آب، واٹر سپلائی اسکیم، عمارات کی مرمت اور سولر سسٹم کی تنصیب کے کام شامل ہیں۔ تخمینہ لاگت 4250 روپے سے 5300 روپے تک اور 12000 روپے تک ہے۔ تکمیل کی مدت چھ ماہ مقرر کی گئی ہے۔
31
اشتہارات
ٹینڈر
ٹینڈر نوٹس بذریعہ اخبار عام اطلاع دی جاتی ہے کہ ادارہ ہذا کے لیے مندرجہ ذیل سامان کی خریداری اور ترقیاتی کاموں کے لیے رجسٹرڈ ٹھیکیداران اور فرموں سے مہربند ٹینڈرز طلب کیے جاتے ہیں۔ ٹینڈر فارم مقررہ فیس کی ادائیگی پر دفتر سے حاصل کیے جا سکتے ہیں۔ ٹینڈرز مقررہ تاریخ کو دوپہر بارہ بجے تک وصول کیے جائیں گے اور اسی روز ایک بجے ٹھیکیداران یا ان کے نمائندگان کی موجودگی میں کھولے جائیں گے۔ نامکمل یا مشروط ٹینڈر قابل قبول نہ ہوں گے۔ بیعانہ کی رقم بشکل کال ڈیپازٹ ہمراہ ٹینڈر جمع کروانا لازمی ہے۔ مجاز اتھارٹی کو کسی بھی ٹینڈر کو بغیر وجہ بتائے منسوخ کرنے کا مکمل اختیار حاصل ہے۔ پیپرا رولز کے مطابق کارروائی عمل میں لائی جائے گی۔ مزید معلومات کے لیے دفتری اوقات کار میں رابطہ کریں۔ سڑکوں کی تعمیر و مرمت، نکاسی آب، واٹر سپلائی اسکیم، عمارات کی مرمت اور سولر سسٹم کی تنصیب کے کام شامل ہیں۔ تخمینہ لاگت 4250 روپے سے 5300 روپے تک اور 12000 روپے تک ہے۔ تکمیل کی مدت چھ ماہ مقرر کی گئی ہے۔
32
اشتہارات
ٹینڈر
ٹینڈر نوٹس بذریعہ اخبار عام اطلاع دی جاتی ہے کہ ادارہ ہذا کے لیے مندرجہ ذیل سامان کی خریداری اور ترقیاتی کاموں کے لیے رجسٹرڈ ٹھیکیداران اور فرموں سے مہربند ٹینڈرز طلب کیے جاتے ہیں۔ ٹینڈر فارم مقررہ فیس کی ادائیگی پر دفتر سے حاصل کیے جا سکتے ہیں۔ ٹینڈرز مقررہ تاریخ کو دوپہر بارہ بجے تک وصول کیے جائیں گے اور اسی روز ایک بجے ٹھیکیداران یا ان کے نمائندگان کی موجودگی میں کھولے جائیں گے۔ نامکمل یا مشروط ٹینڈر قابل قبول نہ ہوں گے۔ بیعانہ کی رقم بشکل کال ڈیپازٹ ہمراہ ٹینڈر جمع کروانا لازمی ہے۔ مجاز اتھارٹی کو کسی بھی ٹینڈر کو بغیر وجہ بتائے منسوخ کرنے کا مکمل اختیار حاصل ہے۔ پیپرا رولز کے مطابق کارروائی عمل میں لائی جائے گی۔ مزید معلومات کے لیے دفتری اوقات کار میں رابطہ کریں۔ سڑکوں کی تعمیر و مرمت، نکاسی آب، واٹر سپلائی اسکیم، عمارات کی مرمت اور سولر سسٹم کی تنصیب کے کام شامل ہیں۔ تخمینہ لاگت 4250 روپے سے 5300 روپے تک اور 12000 روپے تک ہے۔ تکمیل کی مدت چھ ماہ مقرر کی گئی ہے۔
33
اشتہارات
ٹینڈر
ٹینڈر نوٹس بذریعہ اخبار عام اطلاع دی جاتی ہے کہ ادارہ ہذا کے لیے مندرجہ ذیل سامان کی خریداری اور ترقیاتی کاموں کے لیے رجسٹرڈ ٹھیکیداران اور فرموں سے مہربند ٹینڈرز طلب کیے جاتے ہیں۔ ٹینڈر فارم مقررہ فیس کی ادائیگی پر دفتر سے حاصل کیے جا سکتے ہیں۔ ٹینڈرز مقررہ تاریخ کو دوپہر بارہ بجے تک وصول کیے جائیں گے اور اسی روز ایک بجے ٹھیکیداران یا ان کے نمائندگان کی موجودگی میں کھولے جائیں گے۔ نامکمل یا مشروط ٹینڈر قابل قبول نہ ہوں گے۔ بیعانہ کی رقم بشکل کال ڈیپازٹ ہمراہ ٹینڈر جمع کروانا لازمی ہے۔ مجاز اتھارٹی کو کسی بھی ٹینڈر کو بغیر وجہ بتائے منسوخ کرنے کا مکمل اختیار حاصل ہے۔ پیپرا رولز کے مطابق کارروائی عمل میں لائی جائے گی۔ مزید معلومات کے لیے دفتری اوقات کار میں رابطہ کریں۔ سڑکوں کی تعمیر و مرمت، نکاسی آب، واٹر سپلائی اسکیم، عمارات کی مرمت اور سولر سسٹم کی تنصیب کے کام شامل ہیں۔ تخمینہ لاگت 4250 روپے سے 5300 روپے تک اور 12000 روپے تک ہے۔ تکمیل کی مدت چھ ماہ مقرر کی گئی ہے۔
34
اشتہارات
ٹینڈر
ٹینڈر نوٹس بذریعہ اخبار عام اطلاع دی جاتی ہے کہ ادارہ ہذا کے لیے مندرجہ ذیل سامان کی خریداری اور ترقیاتی کاموں کے لیے رجسٹرڈ ٹھیکیداران اور فرموں سے مہربند ٹینڈرز طلب کیے جاتے ہیں۔ ٹینڈر فارم مقررہ فیس کی ادائیگی پر دفتر سے حاصل کیے جا سکتے ہیں۔ ٹینڈرز مقررہ تاریخ کو دوپہر بارہ بجے تک وصول کیے جائیں گے اور اسی روز ایک بجے ٹھیکیداران یا ان کے نمائندگان کی موجودگی میں کھولے جائیں گے۔ نامکمل یا مشروط ٹینڈر قابل قبول نہ ہوں گے۔ بیعانہ کی رقم بشکل کال ڈیپازٹ ہمراہ ٹینڈر جمع کروانا لازمی ہے۔ مجاز اتھارٹی کو کسی بھی ٹینڈر کو بغیر وجہ بتائے منسوخ کرنے کا مکمل اختیار حاصل ہے۔ پیپرا رولز کے مطابق کارروائی عمل میں لائی جائے گی۔ مزید معلومات کے لیے دفتری اوقات کار میں رابطہ کریں۔ سڑکوں کی تعمیر و مرمت، نکاسی آب، واٹر سپلائی اسکیم، عمارات کی مرمت اور سولر سسٹم کی تنصیب کے کام شامل ہیں۔ تخمینہ لاگت 4250 روپے سے 5300 روپے تک اور 12000 روپے تک ہے۔ تکمیل کی مدت چھ ماہ مقرر کی گئی ہے۔
35
اشتہارات
ٹینڈر
ٹینڈر نوٹس بذریعہ اخبار عام اطلاع دی جاتی ہے کہ ادارہ ہذا کے لیے مندرجہ ذیل سامان کی خریداری اور ترقیاتی کاموں کے لیے رجسٹرڈ ٹھیکیداران اور فرموں سے مہربند ٹینڈرز طلب کیے جاتے ہیں۔ ٹینڈر فارم مقررہ فیس کی ادائیگی پر دفتر سے حاصل کیے جا سکتے ہیں۔ ٹینڈرز مقررہ تاریخ کو دوپہر بارہ بجے تک وصول کیے جائیں گے اور اسی روز ایک بجے ٹھیکیداران یا ان کے نمائندگان کی موجودگی میں کھولے جائیں گے۔ نامکمل یا مشروط ٹینڈر قابل قبول نہ ہوں گے۔ بیعانہ کی رقم بشکل کال ڈیپازٹ ہمراہ ٹینڈر جمع کروانا لازمی ہے۔ مجاز اتھارٹی کو کسی بھی ٹینڈر کو بغیر وجہ بتائے منسوخ کرنے کا مکمل اختیار حاصل ہے۔ پیپرا رولز کے مطابق کارروائی عمل میں لائی جائے گی۔ مزید معلومات کے لیے دفتری اوقات کار میں رابطہ کریں۔ سڑکوں کی تعمیر و مرمت، نکاسی آب، واٹر سپلائی اسکیم، عمارات کی مرمت اور سولر سسٹم کی تنصیب کے کام شامل ہیں۔ تخمینہ لاگت 4250 روپے سے 5300 روپے تک اور 12000 روپے تک ہے۔ تکمیل کی مدت چھ ماہ مقرر کی گئی ہے۔
36
اشتہارات
ٹینڈر
ٹینڈر نوٹس بذریعہ اخبار عام اطلاع دی جاتی ہے کہ ادارہ ہذا کے لیے مندرجہ ذیل سامان کی خریداری اور ترقیاتی کاموں کے لیے رجسٹرڈ ٹھیکیداران اور فرموں سے مہربند ٹینڈرز طلب کیے جاتے ہیں۔ ٹینڈر فارم مقررہ فیس کی ادائیگی پر دفتر سے حاصل کیے جا سکتے ہیں۔ ٹینڈرز مقررہ تاریخ کو دوپہر بارہ بجے تک وصول کیے جائیں گے اور اسی روز ایک بجے ٹھیکیداران یا ان کے نمائندگان کی موجودگی میں کھولے جائیں گے۔ نامکمل یا مشروط ٹینڈر قابل قبول نہ ہوں گے۔ بیعانہ کی رقم بشکل کال ڈیپازٹ ہمراہ ٹینڈر جمع کروانا لازمی ہے۔ مجاز اتھارٹی کو کسی بھی ٹینڈر کو بغیر وجہ بتائے منسوخ کرنے کا مکمل اختیار حاصل ہے۔ پیپرا رولز کے مطابق کارروائی عمل میں لائی جائے گی۔ مزید معلومات کے لیے دفتری اوقات کار میں رابطہ کریں۔ سڑکوں کی تعمیر و مرمت، نکاسی آب، واٹر سپلائی اسکیم، عمارات کی مرمت اور سولر سسٹم کی تنصیب کے کام شامل ہیں۔ تخمینہ لاگت 4250 روپے سے 5300 روپے تک اور 12000 روپے تک ہے۔ تکمیل کی مدت چھ ماہ مقرر کی گئی ہے۔
37
اشتہارات
ٹینڈر
ٹینڈر نوٹس بذریعہ اخبار عام اطلاع دی جاتی ہے کہ ادارہ ہذا کے لیے مندرجہ ذیل سامان کی خریداری اور ترقیاتی کاموں کے لیے رجسٹرڈ ٹھیکیداران اور فرموں سے مہربند ٹینڈرز طلب کیے جاتے ہیں۔ ٹینڈر فارم مقررہ فیس کی ادائیگی پر دفتر سے حاصل کیے جا سکتے ہیں۔ ٹینڈرز مقررہ تاریخ کو دوپہر بارہ بجے تک وصول کیے جائیں گے اور اسی روز ایک بجے ٹھیکیداران یا ان کے نمائندگان کی موجودگی میں کھولے جائیں گے۔ نامکمل یا مشروط ٹینڈر قابل قبول نہ ہوں گے۔ بیعانہ کی رقم بشکل کال ڈیپازٹ ہمراہ ٹینڈر جمع کروانا لازمی ہے۔ مجاز اتھارٹی کو کسی بھی ٹینڈر کو بغیر وجہ بتائے منسوخ کرنے کا مکمل اختیار حاصل ہے۔ پیپرا رولز کے مطابق کارروائی عمل میں لائی جائے گی۔ مزید معلومات کے لیے دفتری اوقات کار میں رابطہ کریں۔ سڑکوں کی تعمیر و مرمت، نکاسی آب، واٹر سپلائی اسکیم، عمارات کی مرمت اور سولر سسٹم کی تنصیب کے کام شامل ہیں۔ تخمینہ لاگت 4250 روپے سے 5300 روپے تک اور 12000 روپے تک ہے۔ تکمیل کی مدت چھ ماہ مقرر کی گئی ہے۔
38
اشتہارات
ٹینڈر
ٹینڈر نوٹس بذریعہ اخبار عام اطلاع دی جاتی ہے کہ ادارہ ہذا کے لیے مندرجہ ذیل سامان کی خریداری اور ترقیاتی کاموں کے لیے رجسٹرڈ ٹھیکیداران اور فرموں سے مہربند ٹینڈرز طلب کیے جاتے ہیں۔ ٹینڈر فارم مقررہ فیس کی ادائیگی پر دفتر سے حاصل کیے جا سکتے ہیں۔ ٹینڈرز مقررہ تاریخ کو دوپہر بارہ بجے تک وصول کیے جائیں گے اور اسی روز ایک بجے ٹھیکیداران یا ان کے نمائندگان کی موجودگی میں کھولے جائیں گے۔ نامکمل یا مشروط ٹینڈر قابل قبول نہ ہوں گے۔ بیعانہ کی رقم بشکل کال ڈیپازٹ ہمراہ ٹینڈر جمع کروانا لازمی ہے۔ مجاز اتھارٹی کو کسی بھی ٹینڈر کو بغیر وجہ بتائے منسوخ کرنے کا مکمل اختیار حاصل ہے۔ پیپرا رولز کے مطابق کارروائی عمل میں لائی جائے گی۔ مزید معلومات کے لیے دفتری اوقات کار میں رابطہ کریں۔ سڑکوں کی تعمیر و مرمت، نکاسی آب، واٹر سپلائی اسکیم، عمارات کی مرمت اور سولر سسٹم کی تنصیب کے کام شامل ہیں۔ تخمینہ لاگت 4250 روپے سے 5300 روپے تک اور 12000 روپے تک ہے۔ تکمیل کی مدت چھ ماہ مقرر کی گئی ہے۔
39
اشتہارات
ٹینڈر
ٹینڈر نوٹس بذریعہ اخبار عام اطلاع دی جاتی ہے کہ ادارہ ہذا کے لیے مندرجہ ذیل سامان کی خریداری اور ترقیاتی کاموں کے لیے رجسٹرڈ ٹھیکیداران اور فرموں سے مہربند ٹینڈرز طلب کیے جاتے ہیں۔ ٹینڈر فارم مقررہ فیس کی ادائیگی پر دفتر سے حاصل کیے جا سکتے ہیں۔ ٹینڈرز مقررہ تاریخ کو دوپہر بارہ بجے تک وصول کیے جائیں گے اور اسی روز ایک بجے ٹھیکیداران یا ان کے نمائندگان کی موجودگی میں کھولے جائیں گے۔ نامکمل یا مشروط ٹینڈر قابل قبول نہ ہوں گے۔ بیعانہ کی رقم بشکل کال ڈیپازٹ ہمراہ ٹینڈر جمع کروانا لازمی ہے۔ مجاز اتھارٹی کو کسی بھی ٹینڈر کو بغیر وجہ بتائے منسوخ کرنے کا مکمل اختیار حاصل ہے۔ پیپرا رولز کے مطابق کارروائی عمل میں لائی جائے گی۔ مزید معلومات کے لیے دفتری اوقات کار میں رابطہ کریں۔ سڑکوں کی تعمیر و مرمت، نکاسی آب، واٹر سپلائی اسکیم، عمارات کی مرمت اور سولر سسٹم کی تنصیب کے کام شامل ہیں۔ تخمینہ لاگت 4250 روپے سے 5300 روپے تک اور 12000 روپے تک ہے۔ تکمیل کی مدت چھ ماہ مقرر کی گئی ہے۔
40
اشتہارات
ٹینڈر
ٹینڈر نوٹس بذریعہ اخبار عام اطلاع دی جاتی ہے کہ ادارہ ہذا کے لیے مندرجہ ذیل سامان کی خریداری اور ترقیاتی کاموں کے لیے رجسٹرڈ ٹھیکیداران اور فرموں سے مہربند ٹینڈرز طلب کیے جاتے ہیں۔ ٹینڈر فارم مقررہ فیس کی ادائیگی پر دفتر سے حاصل کیے جا سکتے ہیں۔ ٹینڈرز مقررہ تاریخ کو دوپہر بارہ بجے تک وصول کیے جائیں گے اور اسی روز ایک بجے ٹھیکیداران یا ان کے نمائندگان کی موجودگی میں کھولے جائیں گے۔ نامکمل یا مشروط ٹینڈر قابل قبول نہ ہوں گے۔ بیعانہ کی رقم بشکل کال ڈیپازٹ ہمراہ ٹینڈر جمع کروانا لازمی ہے۔ مجاز اتھارٹی کو کسی بھی ٹینڈر کو بغیر وجہ بتائے منسوخ کرنے کا مکمل اختیار حاصل ہے۔ پیپرا رولز کے مطابق کارروائی عمل میں لائی جائے گی۔ مزید معلومات کے لیے دفتری اوقات کار میں رابطہ کریں۔ سڑکوں کی تعمیر و مرمت، نکاسی آب، واٹر سپلائی اسکیم، عمارات کی مرمت اور سولر سسٹم کی تنصیب کے کام شامل ہیں۔ تخمینہ لاگت 4250 روپے سے 5300 روپے تک اور 12000 روپے تک ہے۔ تکمیل کی مدت چھ ماہ مقرر کی گئی ہے۔
41
اشتہارات
ٹینڈر
ٹینڈر نوٹس بذریعہ اخبار عام اطلاع دی جاتی ہے کہ ادارہ ہذا کے لیے مندرجہ ذیل سامان کی خریداری اور ترقیاتی کاموں کے لیے رجسٹرڈ ٹھیکیداران اور فرموں سے مہربند ٹینڈرز طلب کیے جاتے ہیں۔ ٹینڈر فارم مقررہ فیس کی ادائیگی پر دفتر سے حاصل کیے جا سکتے ہیں۔ ٹینڈرز مقررہ تاریخ کو دوپہر بارہ بجے تک وصول کیے جائیں گے اور اسی روز ایک بجے ٹھیکیداران یا ان کے نمائندگان کی موجودگی میں کھولے جائیں گے۔ نامکمل یا مشروط ٹینڈر قابل قبول نہ ہوں گے۔ بیعانہ کی رقم بشکل کال ڈیپازٹ ہمراہ ٹینڈر جمع کروانا لازمی ہے۔ مجاز اتھارٹی کو کسی بھی ٹینڈر کو بغیر وجہ بتائے منسوخ کرنے کا مکمل اختیار حاصل ہے۔ پیپرا رولز کے مطابق کارروائی عمل میں لائی جائے گی۔ مزید معلومات کے لیے دفتری اوقات کار میں رابطہ کریں۔ سڑکوں کی تعمیر و مرمت، نکاسی آب، واٹر سپلائی اسکیم، عمارات کی مرمت اور سولر سسٹم کی تنصیب کے کام شامل ہیں۔ تخمینہ لاگت 4250 روپے سے 5300 روپے تک اور 12000 روپے تک ہے۔ تکمیل کی مدت چھ ماہ مقرر کی گئی ہے۔
2076
42
اشتہارات
ٹینڈر
ٹینڈر نوٹس بذریعہ اخبار عام اطلاع دی جاتی ہے کہ ادارہ ہذا کے لیے مندرجہ ذیل سامان کی خریداری اور ترقیاتی کاموں کے لیے رجسٹرڈ ٹھیکیداران اور فرموں سے مہربند ٹینڈرز طلب کیے جاتے ہیں۔ ٹینڈر فارم مقررہ فیس کی ادائیگی پر دفتر سے حاصل کیے جا سکتے ہیں۔ ٹینڈرز مقررہ تاریخ کو دوپہر بارہ بجے تک وصول کیے جائیں گے اور اسی روز ایک بجے ٹھیکیداران یا ان کے نمائندگان کی موجودگی میں کھولے جائیں گے۔ نامکمل یا مشروط ٹینڈر قابل قبول نہ ہوں گے۔ بیعانہ کی رقم بشکل کال ڈیپازٹ ہمراہ ٹینڈر جمع کروانا لازمی ہے۔ مجاز اتھارٹی کو کسی بھی ٹینڈر کو بغیر وجہ بتائے منسوخ کرنے کا مکمل اختیار حاصل ہے۔ پیپرا رولز کے مطابق کارروائی عمل میں لائی جائے گی۔ مزید معلومات کے لیے دفتری اوقات کار میں رابطہ کریں۔ سڑکوں کی تعمیر و مرمت، نکاسی آب، واٹر سپلائی اسکیم، عمارات کی مرمت اور سولر سسٹم کی تنصیب کے کام شامل ہیں۔ تخمینہ لاگت 4250 روپے سے 5300 روپے تک اور 12000 روپے تک ہے۔ تکمیل کی مدت چھ ماہ مقرر کی گئی ہے۔
43
اشتہارات
ٹینڈر
ٹینڈر نوٹس بذریعہ اخبار عام اطلاع دی جاتی ہے کہ ادارہ ہذا کے لیے مندرجہ ذیل سامان کی خریداری اور ترقیاتی کاموں کے لیے رجسٹرڈ ٹھیکیداران اور فرموں سے مہربند ٹینڈرز طلب کیے جاتے ہیں۔ ٹینڈر فارم مقررہ فیس کی ادائیگی پر دفتر سے حاصل کیے جا سکتے ہیں۔ ٹینڈرز مقررہ تاریخ کو دوپہر بارہ بجے تک وصول کیے جائیں گے اور اسی روز ایک بجے ٹھیکیداران یا ان کے نمائندگان کی موجودگی میں کھولے جائیں گے۔ نامکمل یا مشروط ٹینڈر قابل قبول نہ ہوں گے۔ بیعانہ کی رقم بشکل کال ڈیپازٹ ہمراہ ٹینڈر جمع کروانا لازمی ہے۔ مجاز اتھارٹی کو کسی بھی ٹینڈر کو بغیر وجہ بتائے منسوخ کرنے کا مکمل اختیار حاصل ہے۔ پیپرا رولز کے مطابق کارروائی عمل میں لائی جائے گی۔ مزید معلومات کے لیے دفتری اوقات کار میں رابطہ کریں۔ سڑکوں کی تعمیر و مرمت، نکاسی آب، واٹر سپلائی اسکیم، عمارات کی مرمت اور سولر سسٹم کی تنصیب کے کام شامل ہیں۔ تخمینہ لاگت 4250 روپے سے 5300 روپے تک اور 12000 روپے تک ہے۔ تکمیل کی مدت چھ ماہ مقرر کی گئی ہے۔
عاق نامہ
42301.1845545.3
ٹینڈر نوٹس بذریعہ اخبار عام اطلاع دی جاتی ہے کہ ادارہ ہذا کے لیے مندرجہ ذیل سامان کی خریداری اور ترقیاتی کاموں کے لیے رجسٹرڈ ٹھیکیداران اور فرموں سے مہربند ٹینڈرز طلب کیے جاتے ہیں۔ ٹینڈر فارم مقررہ فیس کی ادائیگی پر دفتر سے حاصل کیے جا سکتے ہیں۔ ٹینڈرز مقررہ تاریخ کو دوپہر بارہ بجے تک وصول کیے جائیں گے اور اسی روز ایک بجے ٹھیکیداران یا ان کے نمائندگان کی موجودگی میں کھولے جائیں گے۔ نامکمل یا مشروط ٹینڈر قابل قبول نہ ہوں گے۔ بیعانہ کی رقم بشکل کال ڈیپازٹ ہمراہ ٹینڈر جمع کروانا لازمی ہے۔ مجاز اتھارٹی کو کسی بھی ٹینڈر کو بغیر وجہ بتائے منسوخ کرنے کا مکمل اختیار حاصل ہے۔ پیپرا رولز کے مطابق کارروائی عمل میں لائی جائے گی۔ مزید معلومات کے لیے دفتری اوقات کار میں رابطہ کریں۔ سڑکوں کی تعمیر و مرمت، نکاسی آب، واٹر سپلائی اسکیم، عمارات کی مرمت اور سولر سسٹم کی تنصیب کے کام شامل ہیں۔ تخمینہ لاگت 4250 روپے سے 5300 روپے تک اور 12000 روپے تک ہے۔ تکمیل کی مدت چھ ماہ مقرر کی گئی ہے۔
اشتہار گمشدگی
1-6030825303
علی شان تحصیل جنڈ ضلع راولپنڈی
ٹینڈر نوٹس بذریعہ اخبار عام اطلاع دی جاتی ہے کہ ادارہ ہذا کے لیے مندرجہ ذیل سامان کی خریداری اور ترقیاتی کاموں کے لیے رجسٹرڈ ٹھیکیداران اور فرموں سے مہربند ٹینڈرز طلب کیے جاتے ہیں۔ ٹینڈر فارم مقررہ فیس کی ادائیگی پر دفتر سے حاصل کیے جا سکتے ہیں۔ ٹینڈرز مقررہ تاریخ کو دوپہر بارہ بجے تک وصول کیے جائیں گے اور اسی روز ایک بجے ٹھیکیداران یا ان کے نمائندگان کی موجودگی میں کھولے جائیں گے۔ نامکمل یا مشروط ٹینڈر قابل قبول نہ ہوں گے۔ بیعانہ کی رقم بشکل کال ڈیپازٹ ہمراہ ٹینڈر جمع کروانا لازمی ہے۔ مجاز اتھارٹی کو کسی بھی ٹینڈر کو بغیر وجہ بتائے منسوخ کرنے کا مکمل اختیار حاصل ہے۔ پیپرا رولز کے مطابق کارروائی عمل میں لائی جائے گی۔ مزید معلومات کے لیے دفتری اوقات کار میں رابطہ کریں۔ سڑکوں کی تعمیر و مرمت، نکاسی آب، واٹر سپلائی اسکیم، عمارات کی مرمت اور سولر سسٹم کی تنصیب کے کام شامل ہیں۔ تخمینہ لاگت 4250 روپے سے 5300 روپے تک اور 12000 روپے تک ہے۔ تکمیل کی مدت چھ ماہ مقرر کی گئی ہے۔
44
اشتہارات
ٹینڈر
ٹینڈر نوٹس بذریعہ اخبار عام اطلاع دی جاتی ہے کہ ادارہ ہذا کے لیے مندرجہ ذیل سامان کی خریداری اور ترقیاتی کاموں کے لیے رجسٹرڈ ٹھیکیداران اور فرموں سے مہربند ٹینڈرز طلب کیے جاتے ہیں۔ ٹینڈر فارم مقررہ فیس کی ادائیگی پر دفتر سے حاصل کیے جا سکتے ہیں۔ ٹینڈرز مقررہ تاریخ کو دوپہر بارہ بجے تک وصول کیے جائیں گے اور اسی روز ایک بجے ٹھیکیداران یا ان کے نمائندگان کی موجودگی میں کھولے جائیں گے۔ نامکمل یا مشروط ٹینڈر قابل قبول نہ ہوں گے۔ بیعانہ کی رقم بشکل کال ڈیپازٹ ہمراہ ٹینڈر جمع کروانا لازمی ہے۔ مجاز اتھارٹی کو کسی بھی ٹینڈر کو بغیر وجہ بتائے منسوخ کرنے کا مکمل اختیار حاصل ہے۔ پیپرا رولز کے مطابق کارروائی عمل میں لائی جائے گی۔ مزید معلومات کے لیے دفتری اوقات کار میں رابطہ کریں۔ سڑکوں کی تعمیر و مرمت، نکاسی آب، واٹر سپلائی اسکیم، عمارات کی مرمت اور سولر سسٹم کی تنصیب کے کام شامل ہیں۔ تخمینہ لاگت 4250 روپے سے 5300 روپے تک اور 12000 روپے تک ہے۔ تکمیل کی مدت چھ ماہ مقرر کی گئی ہے۔
بعدالت جناب
سول جج گکھڑ سول ضلع راولپنڈی
23-12-2023
15 اپریل 2026
ٹینڈر نوٹس بذریعہ اخبار عام اطلاع دی جاتی ہے کہ ادارہ ہذا کے لیے مندرجہ ذیل سامان کی خریداری اور ترقیاتی کاموں کے لیے رجسٹرڈ ٹھیکیداران اور فرموں سے مہربند ٹینڈرز طلب کیے جاتے ہیں۔ ٹینڈر فارم مقررہ فیس کی ادائیگی پر دفتر سے حاصل کیے جا سکتے ہیں۔ ٹینڈرز مقررہ تاریخ کو دوپہر بارہ بجے تک وصول کیے جائیں گے اور اسی روز ایک بجے ٹھیکیداران یا ان کے نمائندگان کی موجودگی میں کھولے جائیں گے۔ نامکمل یا مشروط ٹینڈر قابل قبول نہ ہوں گے۔ بیعانہ کی رقم بشکل کال ڈیپازٹ ہمراہ ٹینڈر جمع کروانا لازمی ہے۔ مجاز اتھارٹی کو کسی بھی ٹینڈر کو بغیر وجہ بتائے منسوخ کرنے کا مکمل اختیار حاصل ہے۔ پیپرا رولز کے مطابق کارروائی عمل میں لائی جائے گی۔ مزید معلومات کے لیے دفتری اوقات کار میں رابطہ کریں۔ سڑکوں کی تعمیر و مرمت، نکاسی آب، واٹر سپلائی اسکیم، عمارات کی مرمت اور سولر سسٹم کی تنصیب کے کام شامل ہیں۔ تخمینہ لاگت 4250 روپے سے 5300 روپے تک اور 12000 روپے تک ہے۔ تکمیل کی مدت چھ ماہ مقرر کی گئی ہے۔
